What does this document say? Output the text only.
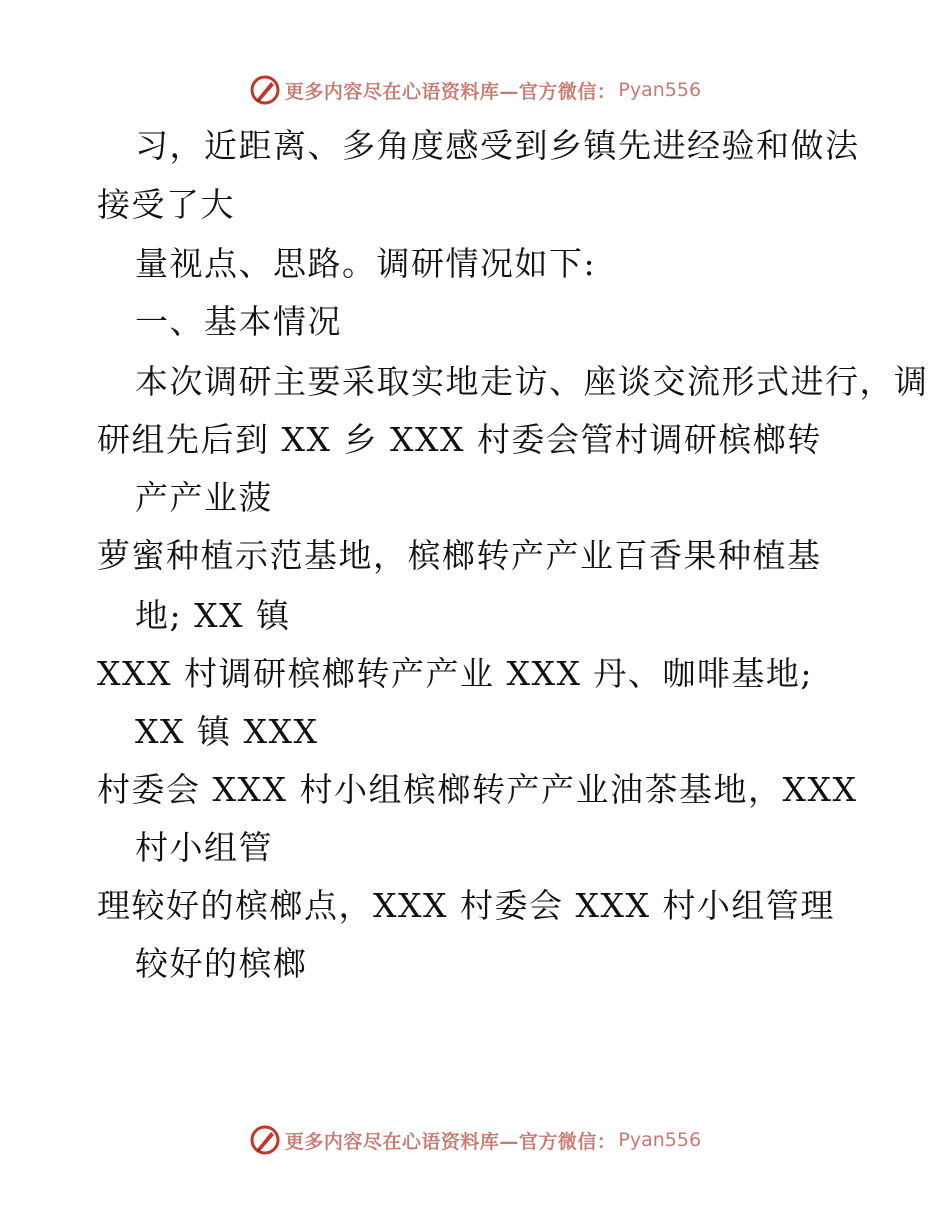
更多内容尽在心语资料库—官方微信： Pyan556
习，近距离、多角度感受到乡镇先进经验和做法
接受了大
量视点、思路。调研情况如下:
一、基本情况
本次调研主要采取实地走访、座谈交流形式进行，调
研组先后到 XX 乡 XXX 村委会管村调研槟榔转
产产业菠
萝蜜种植示范基地，槟榔转产产业百香果种植基
地; XX 镇
XXX 村调研槟榔转产产业 XXX 丹、咖啡基地;
XX 镇 XXX
村委会 XXX 村小组槟榔转产产业油茶基地，XXX
村小组管
理较好的槟榔点，XXX 村委会 XXX 村小组管理
较好的槟榔
更多内容尽在心语资料库—官方微信： Pyan556
